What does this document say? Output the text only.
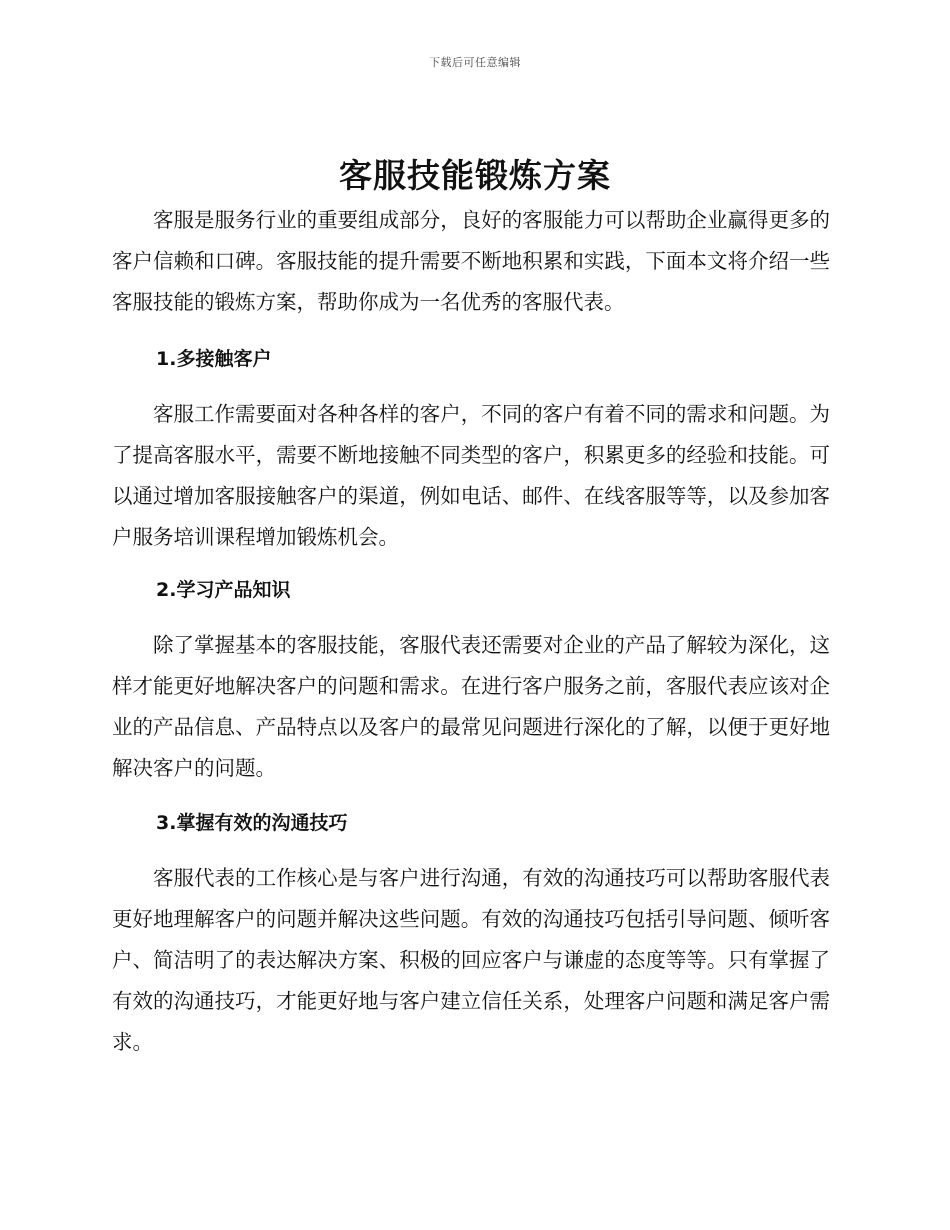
下载后可任意编辑
客服技能锻炼方案

客服是服务行业的重要组成部分，良好的客服能力可以帮助企业赢得更多的客户信赖和口碑。客服技能的提升需要不断地积累和实践，下面本文将介绍一些客服技能的锻炼方案，帮助你成为一名优秀的客服代表。

1.多接触客户

客服工作需要面对各种各样的客户，不同的客户有着不同的需求和问题。为了提高客服水平，需要不断地接触不同类型的客户，积累更多的经验和技能。可以通过增加客服接触客户的渠道，例如电话、邮件、在线客服等等，以及参加客户服务培训课程增加锻炼机会。

2.学习产品知识

除了掌握基本的客服技能，客服代表还需要对企业的产品了解较为深化，这样才能更好地解决客户的问题和需求。在进行客户服务之前，客服代表应该对企业的产品信息、产品特点以及客户的最常见问题进行深化的了解，以便于更好地解决客户的问题。

3.掌握有效的沟通技巧

客服代表的工作核心是与客户进行沟通，有效的沟通技巧可以帮助客服代表更好地理解客户的问题并解决这些问题。有效的沟通技巧包括引导问题、倾听客户、简洁明了的表达解决方案、积极的回应客户与谦虚的态度等等。只有掌握了有效的沟通技巧，才能更好地与客户建立信任关系，处理客户问题和满足客户需求。
